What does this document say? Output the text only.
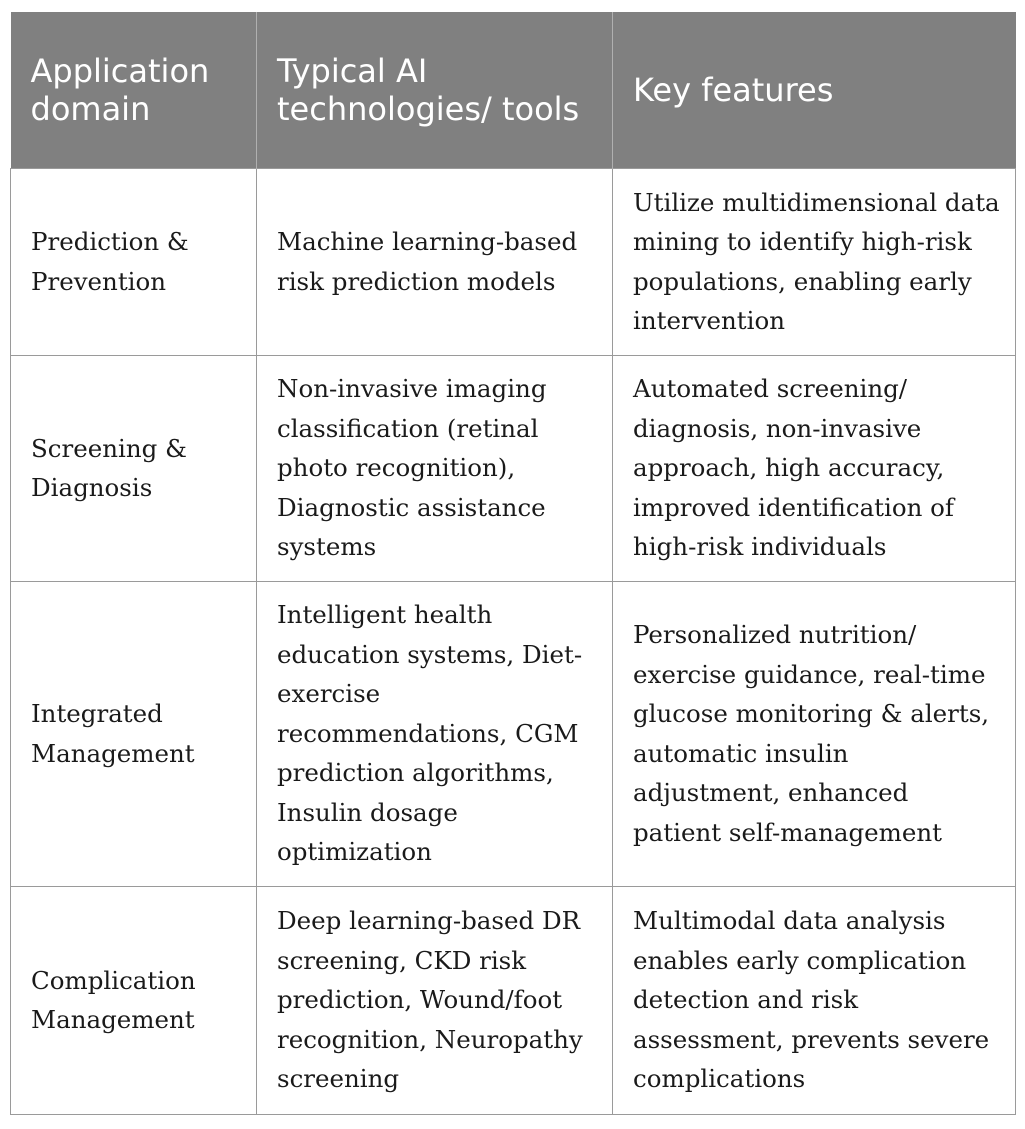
Application domain	Typical AI technologies/ tools	Key features
Prediction & Prevention	Machine learning-based risk prediction models	Utilize multidimensional data mining to identify high-risk populations, enabling early intervention
Screening & Diagnosis	Non-invasive imaging classification (retinal photo recognition), Diagnostic assistance systems	Automated screening/ diagnosis, non-invasive approach, high accuracy, improved identification of high-risk individuals
Integrated Management	Intelligent health education systems, Diet-exercise recommendations, CGM prediction algorithms, Insulin dosage optimization	Personalized nutrition/ exercise guidance, real-time glucose monitoring & alerts, automatic insulin adjustment, enhanced patient self-management
Complication Management	Deep learning-based DR screening, CKD risk prediction, Wound/foot recognition, Neuropathy screening	Multimodal data analysis enables early complication detection and risk assessment, prevents severe complications
